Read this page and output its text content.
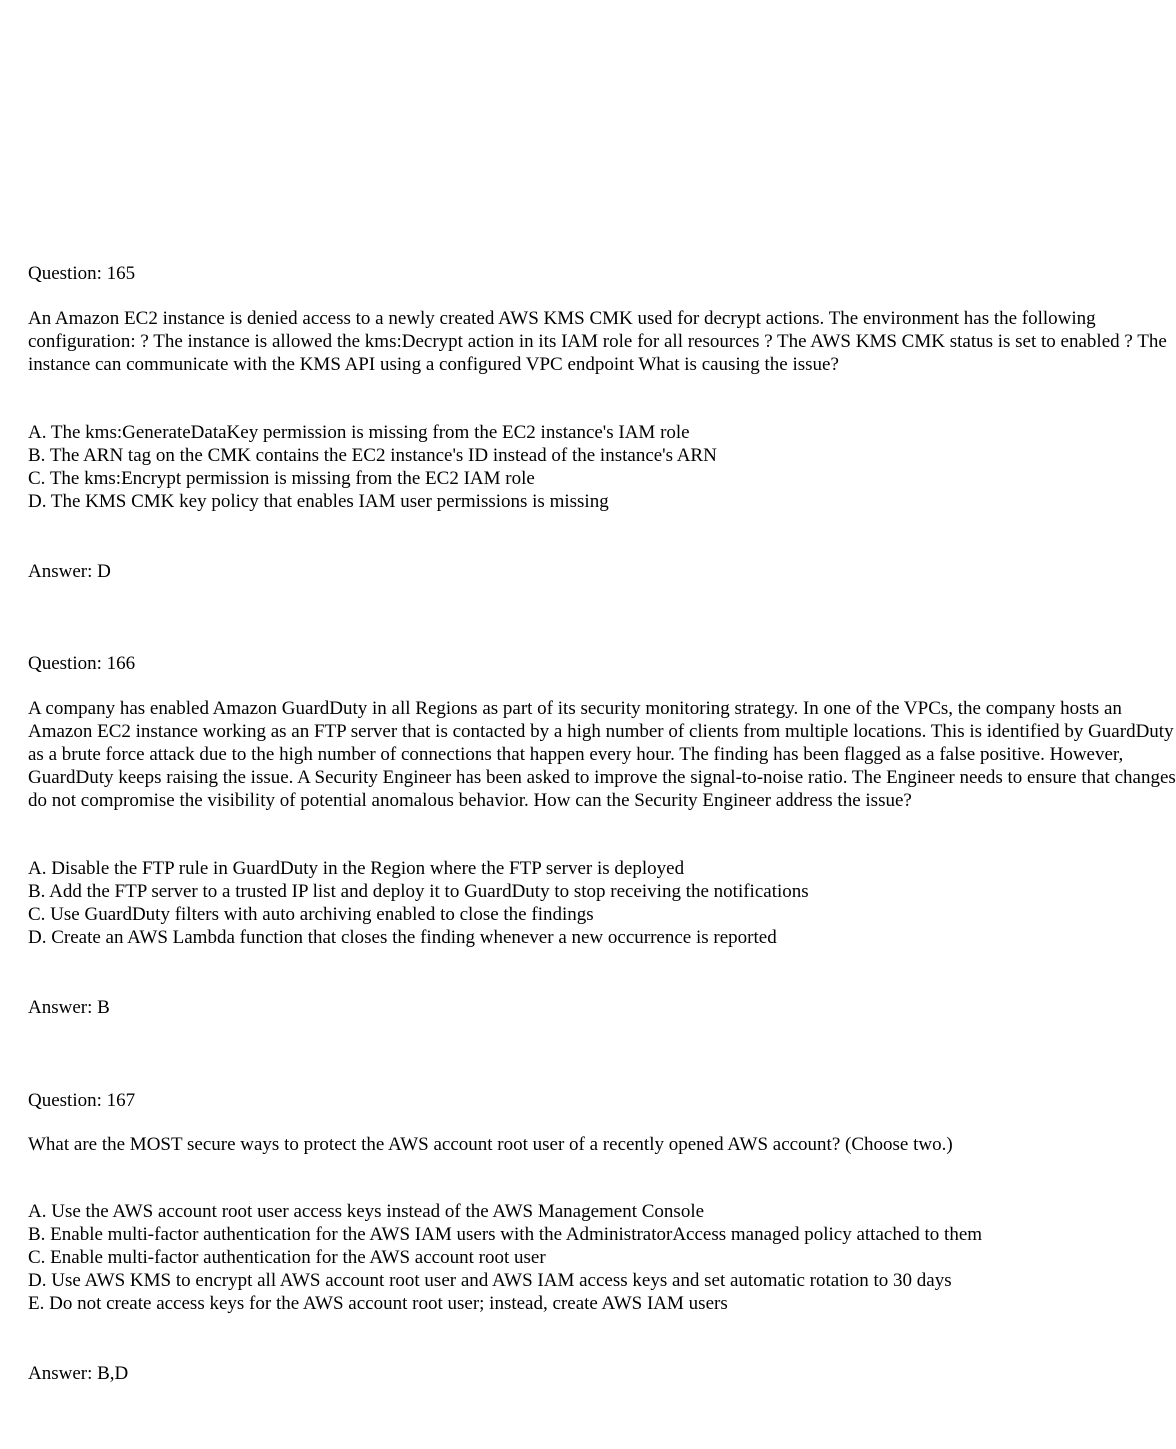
Question: 165
An Amazon EC2 instance is denied access to a newly created AWS KMS CMK used for decrypt actions. The environment has the following
configuration: ? The instance is allowed the kms:Decrypt action in its IAM role for all resources ? The AWS KMS CMK status is set to enabled ? The
instance can communicate with the KMS API using a configured VPC endpoint What is causing the issue?
A. The kms:GenerateDataKey permission is missing from the EC2 instance's IAM role
B. The ARN tag on the CMK contains the EC2 instance's ID instead of the instance's ARN
C. The kms:Encrypt permission is missing from the EC2 IAM role
D. The KMS CMK key policy that enables IAM user permissions is missing
Answer: D
Question: 166
A company has enabled Amazon GuardDuty in all Regions as part of its security monitoring strategy. In one of the VPCs, the company hosts an
Amazon EC2 instance working as an FTP server that is contacted by a high number of clients from multiple locations. This is identified by GuardDuty
as a brute force attack due to the high number of connections that happen every hour. The finding has been flagged as a false positive. However,
GuardDuty keeps raising the issue. A Security Engineer has been asked to improve the signal-to-noise ratio. The Engineer needs to ensure that changes
do not compromise the visibility of potential anomalous behavior. How can the Security Engineer address the issue?
A. Disable the FTP rule in GuardDuty in the Region where the FTP server is deployed
B. Add the FTP server to a trusted IP list and deploy it to GuardDuty to stop receiving the notifications
C. Use GuardDuty filters with auto archiving enabled to close the findings
D. Create an AWS Lambda function that closes the finding whenever a new occurrence is reported
Answer: B
Question: 167
What are the MOST secure ways to protect the AWS account root user of a recently opened AWS account? (Choose two.)
A. Use the AWS account root user access keys instead of the AWS Management Console
B. Enable multi-factor authentication for the AWS IAM users with the AdministratorAccess managed policy attached to them
C. Enable multi-factor authentication for the AWS account root user
D. Use AWS KMS to encrypt all AWS account root user and AWS IAM access keys and set automatic rotation to 30 days
E. Do not create access keys for the AWS account root user; instead, create AWS IAM users
Answer: B,D
